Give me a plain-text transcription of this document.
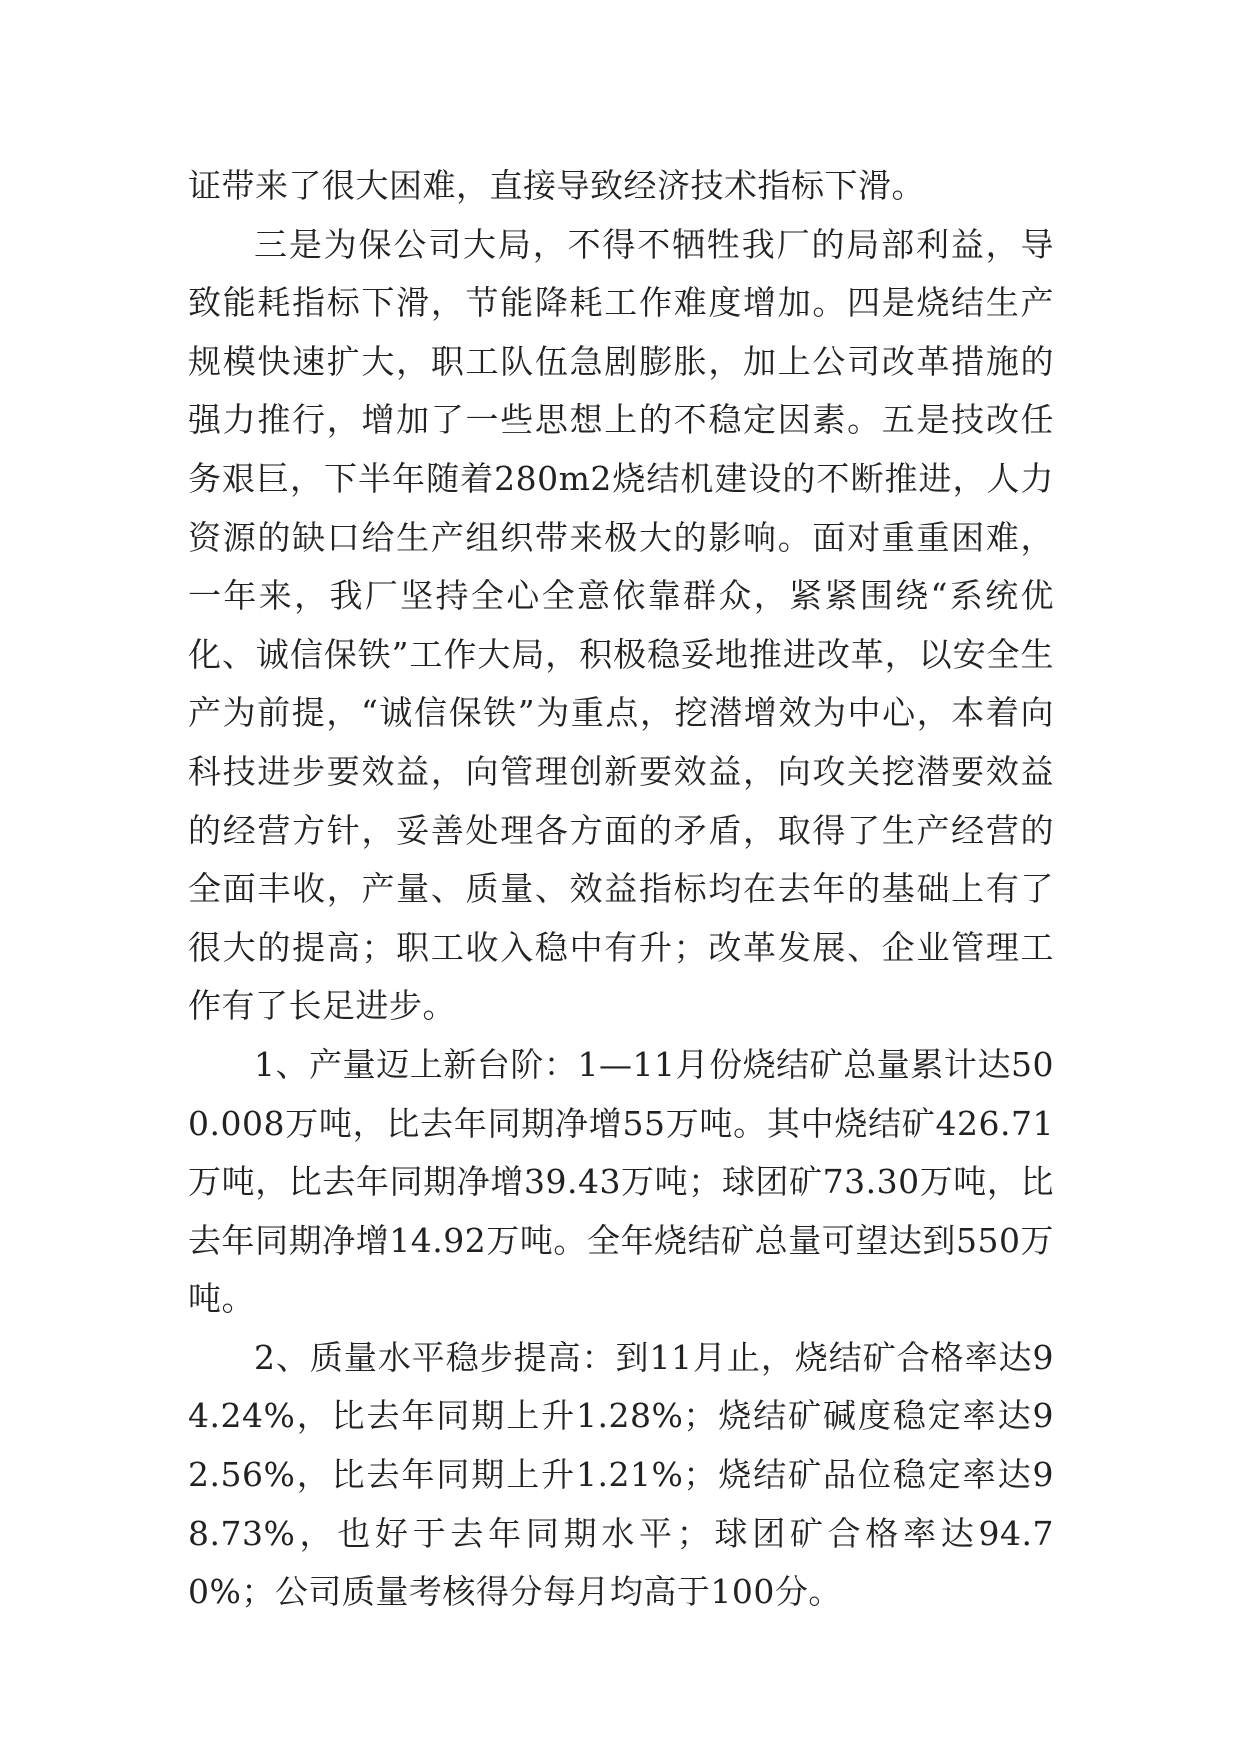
证带来了很大困难，直接导致经济技术指标下滑。

三是为保公司大局，不得不牺牲我厂的局部利益，导致能耗指标下滑，节能降耗工作难度增加。四是烧结生产规模快速扩大，职工队伍急剧膨胀，加上公司改革措施的强力推行，增加了一些思想上的不稳定因素。五是技改任务艰巨，下半年随着280m2烧结机建设的不断推进，人力资源的缺口给生产组织带来极大的影响。面对重重困难，一年来，我厂坚持全心全意依靠群众，紧紧围绕“系统优化、诚信保铁”工作大局，积极稳妥地推进改革，以安全生产为前提，“诚信保铁”为重点，挖潜增效为中心，本着向科技进步要效益，向管理创新要效益，向攻关挖潜要效益的经营方针，妥善处理各方面的矛盾，取得了生产经营的全面丰收，产量、质量、效益指标均在去年的基础上有了很大的提高；职工收入稳中有升；改革发展、企业管理工作有了长足进步。

1、产量迈上新台阶：1—11月份烧结矿总量累计达500.008万吨，比去年同期净增55万吨。其中烧结矿426.71万吨，比去年同期净增39.43万吨；球团矿73.30万吨，比去年同期净增14.92万吨。全年烧结矿总量可望达到550万吨。

2、质量水平稳步提高：到11月止，烧结矿合格率达94.24%，比去年同期上升1.28%；烧结矿碱度稳定率达92.56%，比去年同期上升1.21%；烧结矿品位稳定率达98.73%，也好于去年同期水平；球团矿合格率达94.70%；公司质量考核得分每月均高于100分。
